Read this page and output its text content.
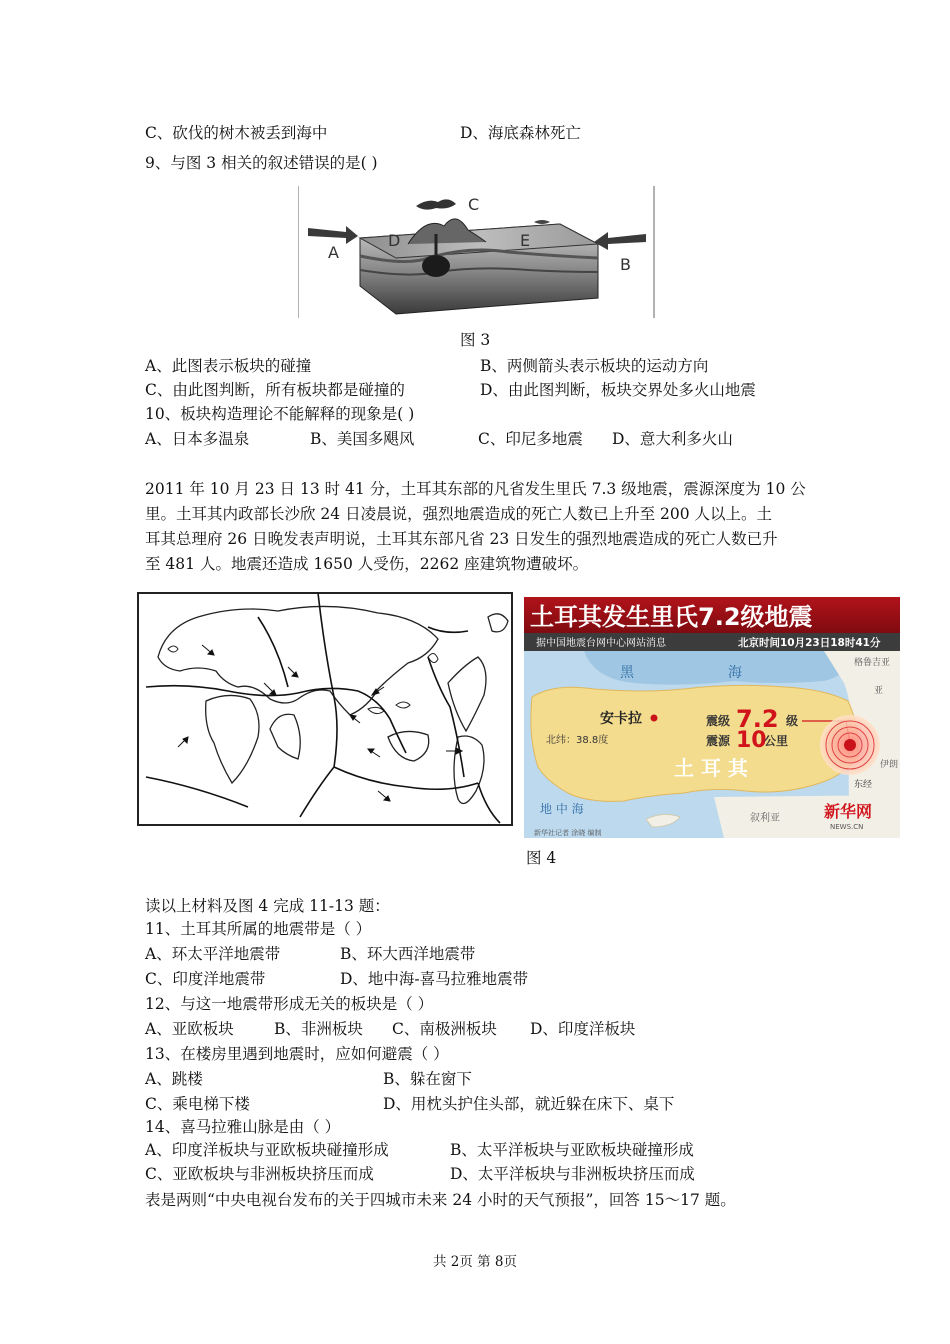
C、砍伐的树木被丢到海中	D、海底森林死亡
9、与图 3 相关的叙述错误的是( )
A
B
C
D	E
图 3
A、此图表示板块的碰撞	B、两侧箭头表示板块的运动方向
C、由此图判断，所有板块都是碰撞的	D、由此图判断，板块交界处多火山地震
10、板块构造理论不能解释的现象是( )
A、日本多温泉	B、美国多飓风	C、印尼多地震 D、意大利多火山
2011 年 10 月 23 日 13 时 41 分，土耳其东部的凡省发生里氏 7.3 级地震，震源深度为 10 公
里。土耳其内政部长沙欣 24 日凌晨说，强烈地震造成的死亡人数已上升至 200 人以上。土
耳其总理府 26 日晚发表声明说，土耳其东部凡省 23 日发生的强烈地震造成的死亡人数已升
至 481 人。地震还造成 1650 人受伤，2262 座建筑物遭破坏。
土耳其发生里氏7.2级地震
据中国地震台网中心网站消息	北京时间10月23日18时41分
黑	海
格鲁吉亚
亚
安卡拉
北纬：38.8度
震级 7.2 级
震源 10
公里
土 耳 其
东经
伊朗
地 中 海
叙利亚	新华网
NEWS.CN
新华社记者 涂晓 编制
图 4
读以上材料及图 4 完成 11-13 题：
11、土耳其所属的地震带是（ ）
A、环太平洋地震带	B、环大西洋地震带
C、印度洋地震带	D、地中海-喜马拉雅地震带
12、与这一地震带形成无关的板块是（ ）
A、亚欧板块	B、非洲板块 C、南极洲板块 D、印度洋板块
13、在楼房里遇到地震时，应如何避震（ ）
A、跳楼	B、躲在窗下
C、乘电梯下楼	D、用枕头护住头部，就近躲在床下、桌下
14、喜马拉雅山脉是由（ ）
A、印度洋板块与亚欧板块碰撞形成	B、太平洋板块与亚欧板块碰撞形成
C、亚欧板块与非洲板块挤压而成	D、太平洋板块与非洲板块挤压而成
表是两则“中央电视台发布的关于四城市未来 24 小时的天气预报”，回答 15～17 题。
共 2页 第 8页
